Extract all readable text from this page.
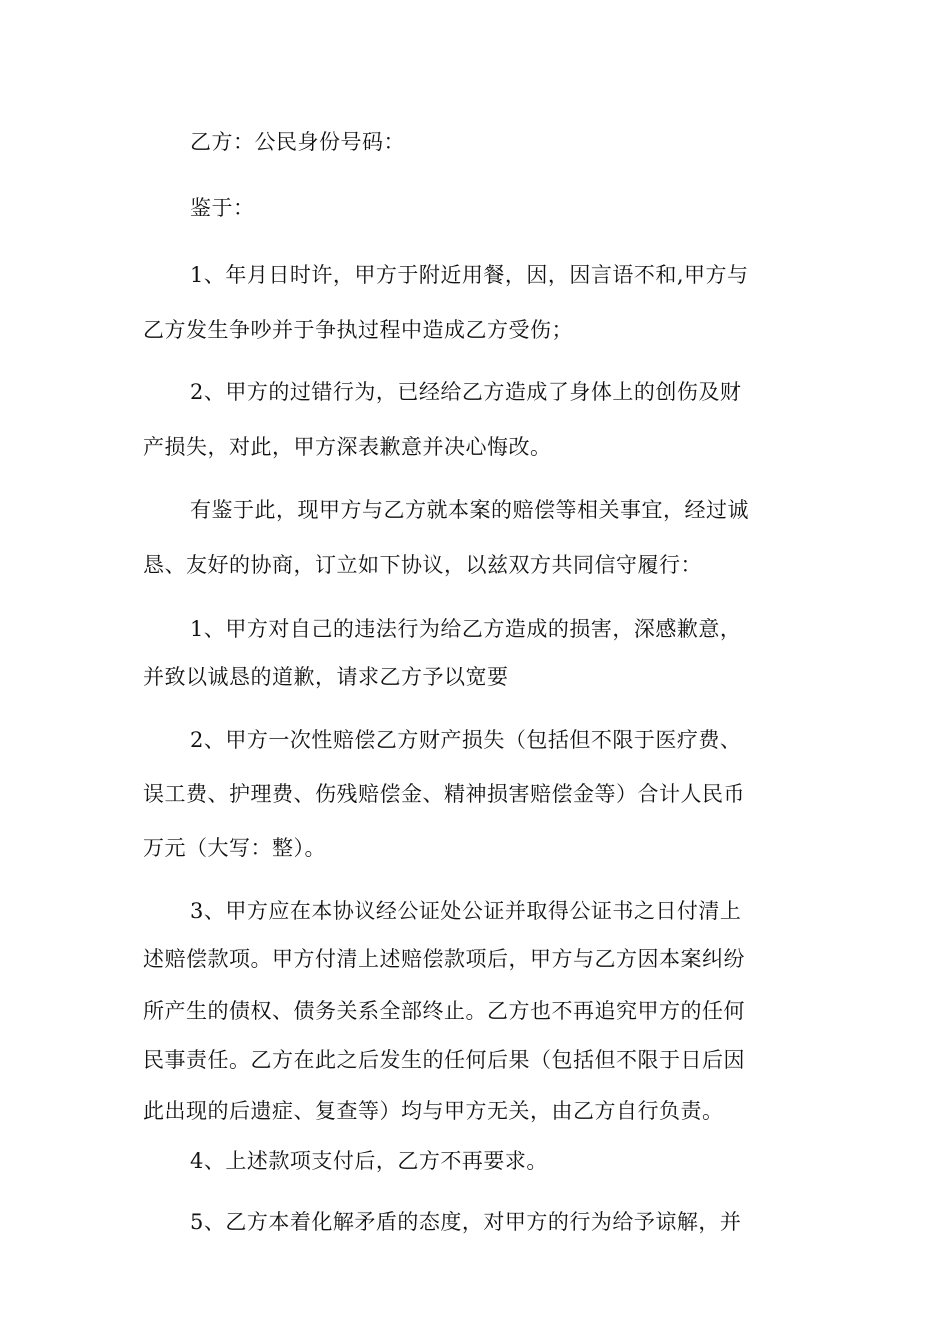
乙方：公民身份号码：
鉴于：
1、年月日时许，甲方于附近用餐，因，因言语不和,甲方与
乙方发生争吵并于争执过程中造成乙方受伤；
2、甲方的过错行为，已经给乙方造成了身体上的创伤及财
产损失，对此，甲方深表歉意并决心悔改。
有鉴于此，现甲方与乙方就本案的赔偿等相关事宜，经过诚
恳、友好的协商，订立如下协议，以兹双方共同信守履行：
1、甲方对自己的违法行为给乙方造成的损害，深感歉意，
并致以诚恳的道歉，请求乙方予以宽要
2、甲方一次性赔偿乙方财产损失（包括但不限于医疗费、
误工费、护理费、伤残赔偿金、精神损害赔偿金等）合计人民币
万元（大写：整）。
3、甲方应在本协议经公证处公证并取得公证书之日付清上
述赔偿款项。甲方付清上述赔偿款项后，甲方与乙方因本案纠纷
所产生的债权、债务关系全部终止。乙方也不再追究甲方的任何
民事责任。乙方在此之后发生的任何后果（包括但不限于日后因
此出现的后遗症、复查等）均与甲方无关，由乙方自行负责。
4、上述款项支付后，乙方不再要求。
5、乙方本着化解矛盾的态度，对甲方的行为给予谅解，并
